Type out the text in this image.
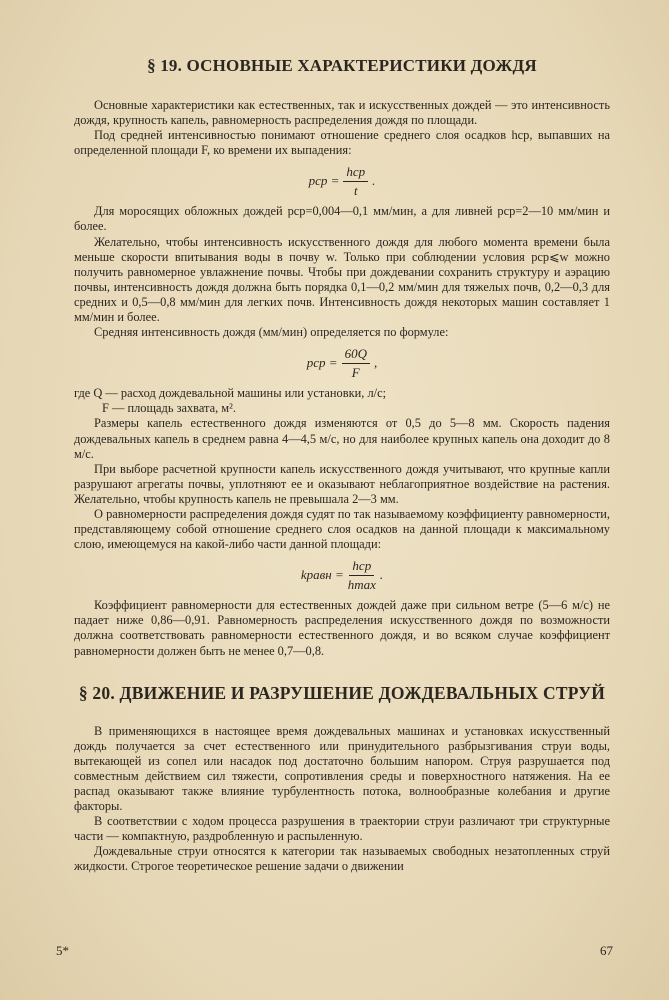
§ 19. ОСНОВНЫЕ ХАРАКТЕРИСТИКИ ДОЖДЯ

Основные характеристики как естественных, так и искусственных дождей — это интенсивность дождя, крупность капель, равномерность распределения дождя по площади.

Под средней интенсивностью понимают отношение среднего слоя осадков hср, выпавших на определенной площади F, ко времени их выпадения:

pср = $\frac{\text{hср}}{t}$ .

Для моросящих обложных дождей pср=0,004—0,1 мм/мин, а для ливней pср=2—10 мм/мин и более.

Желательно, чтобы интенсивность искусственного дождя для любого момента времени была меньше скорости впитывания воды в почву w. Только при соблюдении условия pср⩽w можно получить равномерное увлажнение почвы. Чтобы при дождевании сохранить структуру и аэрацию почвы, интенсивность дождя должна быть порядка 0,1—0,2 мм/мин для тяжелых почв, 0,2—0,3 для средних и 0,5—0,8 мм/мин для легких почв. Интенсивность дождя некоторых машин составляет 1 мм/мин и более.

Средняя интенсивность дождя (мм/мин) определяется по формуле:

pср = $\frac{60Q}{F}$ ,
где Q — расход дождевальной машины или установки, л/с;
F — площадь захвата, м².

Размеры капель естественного дождя изменяются от 0,5 до 5—8 мм. Скорость падения дождевальных капель в среднем равна 4—4,5 м/с, но для наиболее крупных капель она доходит до 8 м/с.

При выборе расчетной крупности капель искусственного дождя учитывают, что крупные капли разрушают агрегаты почвы, уплотняют ее и оказывают неблагоприятное воздействие на растения. Желательно, чтобы крупность капель не превышала 2—3 мм.

О равномерности распределения дождя судят по так называемому коэффициенту равномерности, представляющему собой отношение среднего слоя осадков на данной площади к максимальному слою, имеющемуся на какой-либо части данной площади:

kравн = $\frac{\text{hср}}{hmax}$ .

Коэффициент равномерности для естественных дождей даже при сильном ветре (5—6 м/с) не падает ниже 0,86—0,91. Равномерность распределения искусственного дождя по возможности должна соответствовать равномерности естественного дождя, и во всяком случае коэффициент равномерности должен быть не менее 0,7—0,8.

§ 20. ДВИЖЕНИЕ И РАЗРУШЕНИЕ ДОЖДЕВАЛЬНЫХ СТРУЙ

В применяющихся в настоящее время дождевальных машинах и установках искусственный дождь получается за счет естественного или принудительного разбрызгивания струи воды, вытекающей из сопел или насадок под достаточно большим напором. Струя разрушается под совместным действием сил тяжести, сопротивления среды и поверхностного натяжения. На ее распад оказывают также влияние турбулентность потока, волнообразные колебания и другие факторы.

В соответствии с ходом процесса разрушения в траектории струи различают три структурные части — компактную, раздробленную и распыленную.

Дождевальные струи относятся к категории так называемых свободных незатопленных струй жидкости. Строгое теоретическое решение задачи о движении

5*	67
